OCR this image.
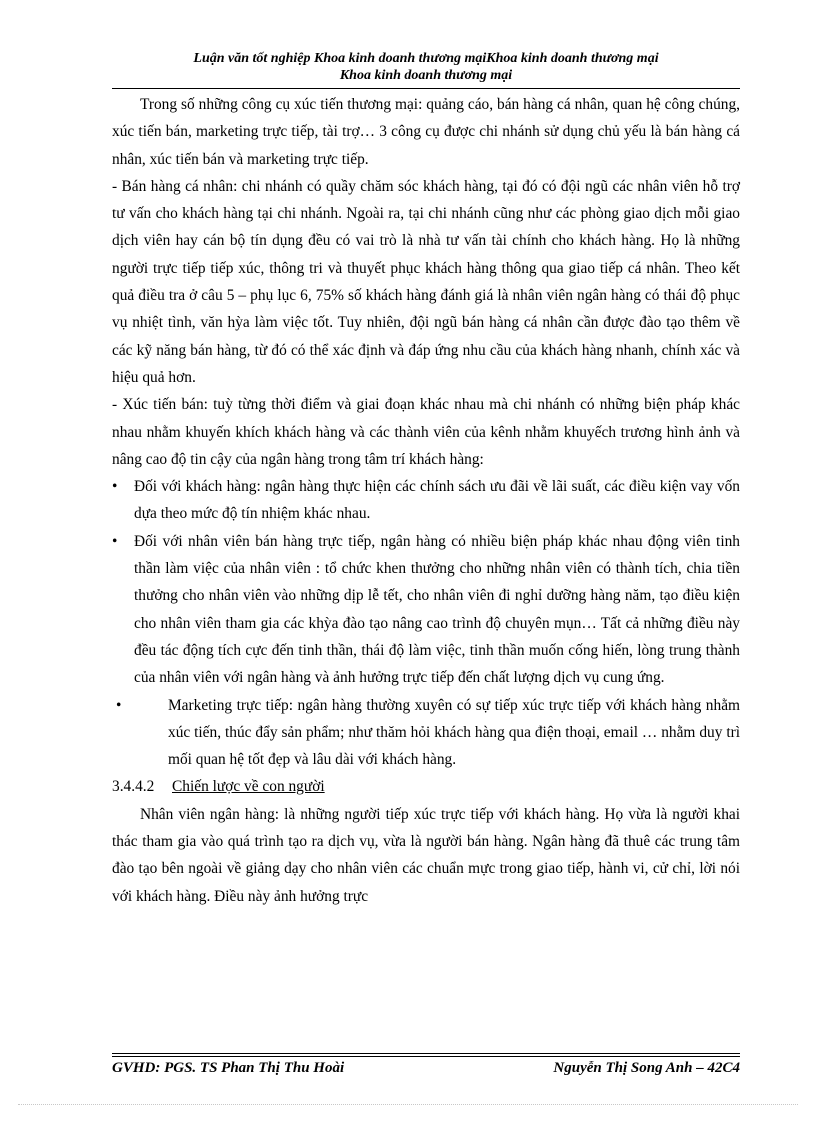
Luận văn tốt nghiệp Khoa kinh doanh thương mạiKhoa kinh doanh thương mại
Khoa kinh doanh thương mại

Trong số những công cụ xúc tiến thương mại: quảng cáo, bán hàng cá nhân, quan hệ công chúng, xúc tiến bán, marketing trực tiếp, tài trợ… 3 công cụ được chi nhánh sử dụng chủ yếu là bán hàng cá nhân, xúc tiến bán và marketing trực tiếp.

- Bán hàng cá nhân: chi nhánh có quầy chăm sóc khách hàng, tại đó có đội ngũ các nhân viên hỗ trợ tư vấn cho khách hàng tại chi nhánh. Ngoài ra, tại chi nhánh cũng như các phòng giao dịch mỗi giao dịch viên hay cán bộ tín dụng đều có vai trò là nhà tư vấn tài chính cho khách hàng. Họ là những người trực tiếp tiếp xúc, thông tri và thuyết phục khách hàng thông qua giao tiếp cá nhân. Theo kết quả điều tra ở câu 5 – phụ lục 6, 75% số khách hàng đánh giá là nhân viên ngân hàng có thái độ phục vụ nhiệt tình, văn hỳa làm việc tốt. Tuy nhiên, đội ngũ bán hàng cá nhân cần được đào tạo thêm về các kỹ năng bán hàng, từ đó có thể xác định và đáp ứng nhu cầu của khách hàng nhanh, chính xác và hiệu quả hơn.

- Xúc tiến bán: tuỳ từng thời điểm và giai đoạn khác nhau mà chi nhánh có những biện pháp khác nhau nhằm khuyến khích khách hàng và các thành viên của kênh nhằm khuyếch trương hình ảnh và nâng cao độ tin cậy của ngân hàng trong tâm trí khách hàng:

•	Đối với khách hàng: ngân hàng thực hiện các chính sách ưu đãi về lãi suất, các điều kiện vay vốn dựa theo mức độ tín nhiệm khác nhau.
•	Đối với nhân viên bán hàng trực tiếp, ngân hàng có nhiều biện pháp khác nhau động viên tinh thần làm việc của nhân viên : tổ chức khen thưởng cho những nhân viên có thành tích, chia tiền thưởng cho nhân viên vào những dịp lễ tết, cho nhân viên đi nghỉ dưỡng hàng năm, tạo điều kiện cho nhân viên tham gia các khỳa đào tạo nâng cao trình độ chuyên mụn… Tất cả những điều này đều tác động tích cực đến tinh thần, thái độ làm việc, tinh thần muốn cống hiến, lòng trung thành của nhân viên với ngân hàng và ảnh hưởng trực tiếp đến chất lượng dịch vụ cung ứng.
•	Marketing trực tiếp: ngân hàng thường xuyên có sự tiếp xúc trực tiếp với khách hàng nhằm xúc tiến, thúc đẩy sản phẩm; như thăm hỏi khách hàng qua điện thoại, email … nhằm duy trì mối quan hệ tốt đẹp và lâu dài với khách hàng.

3.4.4.2 Chiến lược về con người

Nhân viên ngân hàng: là những người tiếp xúc trực tiếp với khách hàng. Họ vừa là người khai thác tham gia vào quá trình tạo ra dịch vụ, vừa là người bán hàng. Ngân hàng đã thuê các trung tâm đào tạo bên ngoài về giảng dạy cho nhân viên các chuẩn mực trong giao tiếp, hành vi, cử chỉ, lời nói với khách hàng. Điều này ảnh hưởng trực

GVHD: PGS. TS Phan Thị Thu Hoài	Nguyễn Thị Song Anh – 42C4
